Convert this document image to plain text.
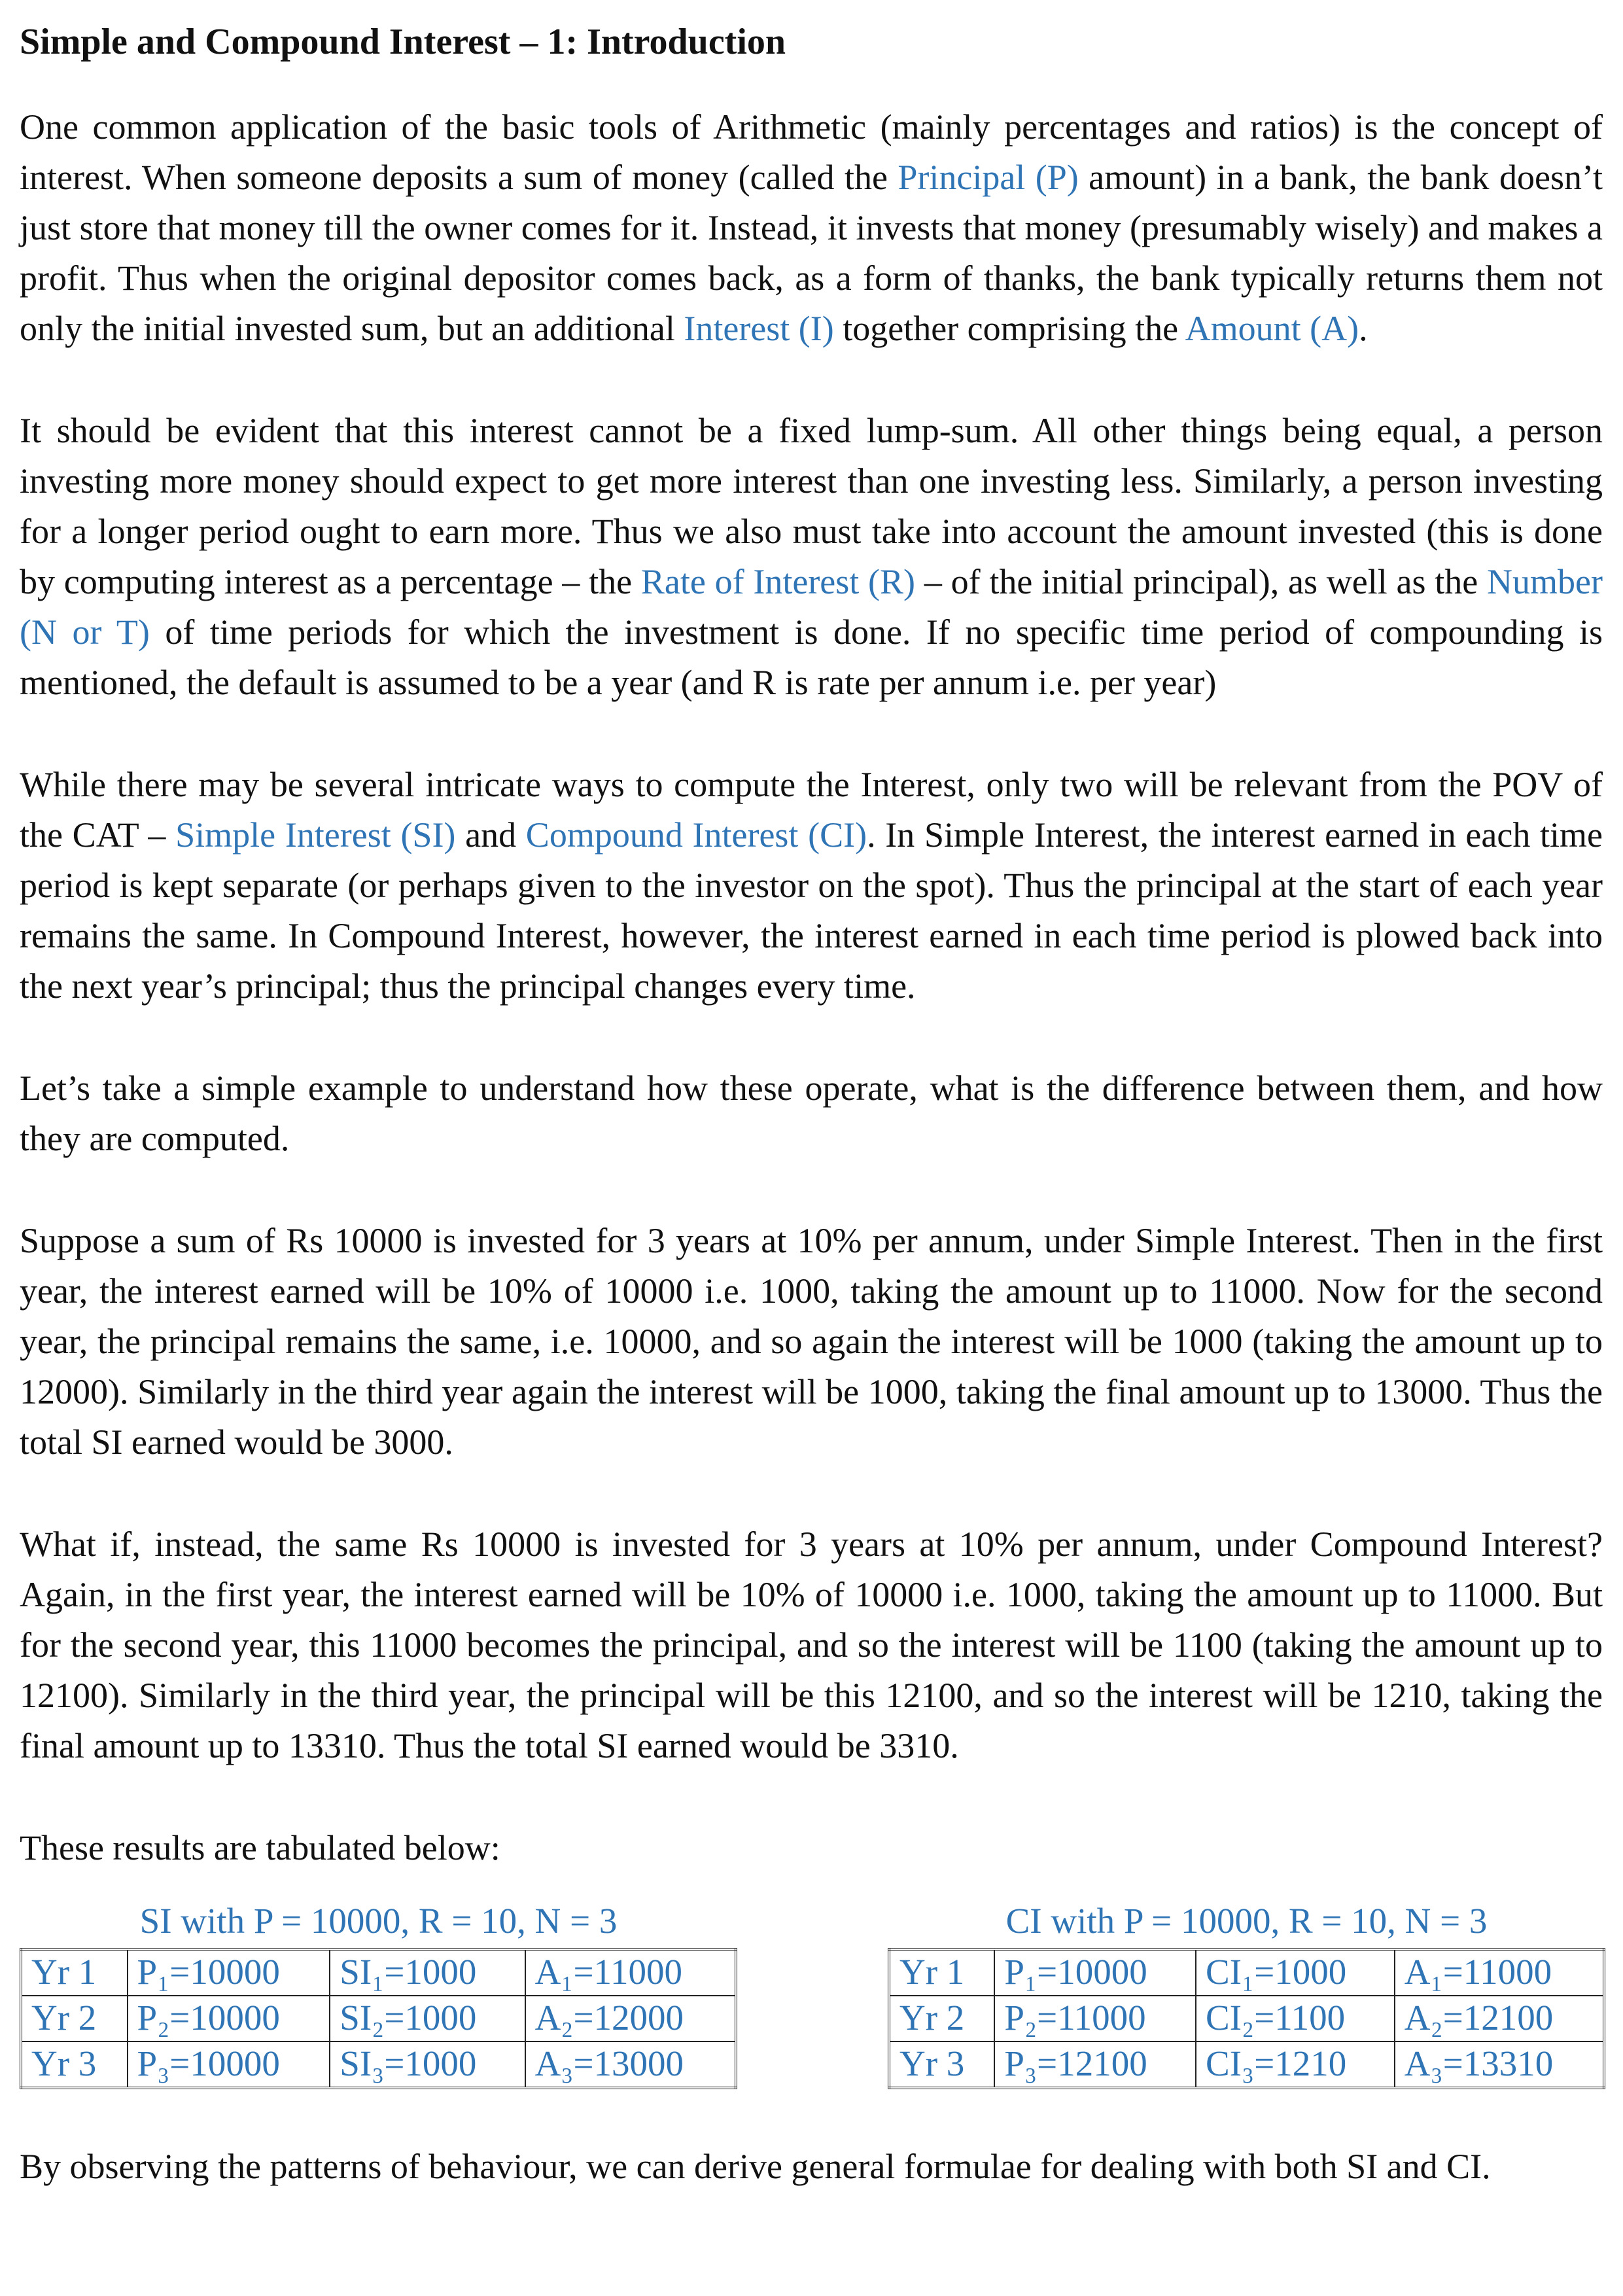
Simple and Compound Interest – 1: Introduction

One common application of the basic tools of Arithmetic (mainly percentages and ratios) is the concept of interest. When someone deposits a sum of money (called the Principal (P) amount) in a bank, the bank doesn’t just store that money till the owner comes for it. Instead, it invests that money (presumably wisely) and makes a profit. Thus when the original depositor comes back, as a form of thanks, the bank typically returns them not only the initial invested sum, but an additional Interest (I) together comprising the Amount (A).

It should be evident that this interest cannot be a fixed lump-sum. All other things being equal, a person investing more money should expect to get more interest than one investing less. Similarly, a person investing for a longer period ought to earn more. Thus we also must take into account the amount invested (this is done by computing interest as a percentage – the Rate of Interest (R) – of the initial principal), as well as the Number (N or T) of time periods for which the investment is done. If no specific time period of compounding is mentioned, the default is assumed to be a year (and R is rate per annum i.e. per year)

While there may be several intricate ways to compute the Interest, only two will be relevant from the POV of the CAT – Simple Interest (SI) and Compound Interest (CI). In Simple Interest, the interest earned in each time period is kept separate (or perhaps given to the investor on the spot). Thus the principal at the start of each year remains the same. In Compound Interest, however, the interest earned in each time period is plowed back into the next year’s principal; thus the principal changes every time.

Let’s take a simple example to understand how these operate, what is the difference between them, and how they are computed.

Suppose a sum of Rs 10000 is invested for 3 years at 10% per annum, under Simple Interest. Then in the first year, the interest earned will be 10% of 10000 i.e. 1000, taking the amount up to 11000. Now for the second year, the principal remains the same, i.e. 10000, and so again the interest will be 1000 (taking the amount up to 12000). Similarly in the third year again the interest will be 1000, taking the final amount up to 13000. Thus the total SI earned would be 3000.

What if, instead, the same Rs 10000 is invested for 3 years at 10% per annum, under Compound Interest? Again, in the first year, the interest earned will be 10% of 10000 i.e. 1000, taking the amount up to 11000. But for the second year, this 11000 becomes the principal, and so the interest will be 1100 (taking the amount up to 12100). Similarly in the third year, the principal will be this 12100, and so the interest will be 1210, taking the final amount up to 13310. Thus the total SI earned would be 3310.

These results are tabulated below:

SI with P = 10000, R = 10, N = 3
Yr 1	P₁=10000	SI₁=1000	A₁=11000
Yr 2	P₂=10000	SI₂=1000	A₂=12000
Yr 3	P₃=10000	SI₃=1000	A₃=13000
CI with P = 10000, R = 10, N = 3
Yr 1	P₁=10000	CI₁=1000	A₁=11000
Yr 2	P₂=11000	CI₂=1100	A₂=12100
Yr 3	P₃=12100	CI₃=1210	A₃=13310

By observing the patterns of behaviour, we can derive general formulae for dealing with both SI and CI.
